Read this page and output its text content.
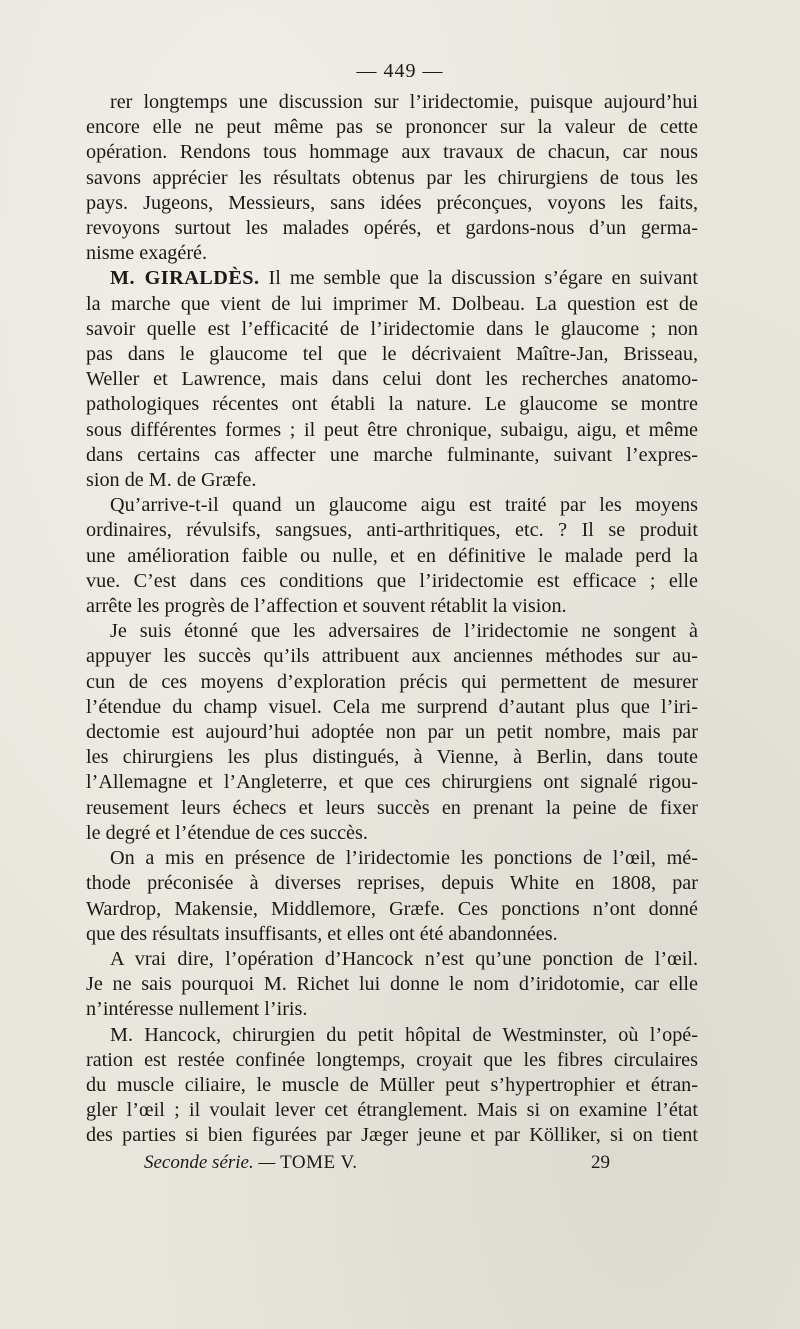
— 449 —

rer longtemps une discussion sur l’iridectomie, puisque aujourd’hui
encore elle ne peut même pas se prononcer sur la valeur de cette
opération. Rendons tous hommage aux travaux de chacun, car nous
savons apprécier les résultats obtenus par les chirurgiens de tous les
pays. Jugeons, Messieurs, sans idées préconçues, voyons les faits,
revoyons surtout les malades opérés, et gardons-nous d’un germa-
nisme exagéré.

M. GIRALDÈS. Il me semble que la discussion s’égare en suivant
la marche que vient de lui imprimer M. Dolbeau. La question est de
savoir quelle est l’efficacité de l’iridectomie dans le glaucome ; non
pas dans le glaucome tel que le décrivaient Maître-Jan, Brisseau,
Weller et Lawrence, mais dans celui dont les recherches anatomo-
pathologiques récentes ont établi la nature. Le glaucome se montre
sous différentes formes ; il peut être chronique, subaigu, aigu, et même
dans certains cas affecter une marche fulminante, suivant l’expres-
sion de M. de Græfe.

Qu’arrive-t-il quand un glaucome aigu est traité par les moyens
ordinaires, révulsifs, sangsues, anti-arthritiques, etc. ? Il se produit
une amélioration faible ou nulle, et en définitive le malade perd la
vue. C’est dans ces conditions que l’iridectomie est efficace ; elle
arrête les progrès de l’affection et souvent rétablit la vision.

Je suis étonné que les adversaires de l’iridectomie ne songent à
appuyer les succès qu’ils attribuent aux anciennes méthodes sur au-
cun de ces moyens d’exploration précis qui permettent de mesurer
l’étendue du champ visuel. Cela me surprend d’autant plus que l’iri-
dectomie est aujourd’hui adoptée non par un petit nombre, mais par
les chirurgiens les plus distingués, à Vienne, à Berlin, dans toute
l’Allemagne et l’Angleterre, et que ces chirurgiens ont signalé rigou-
reusement leurs échecs et leurs succès en prenant la peine de fixer
le degré et l’étendue de ces succès.

On a mis en présence de l’iridectomie les ponctions de l’œil, mé-
thode préconisée à diverses reprises, depuis White en 1808, par
Wardrop, Makensie, Middlemore, Græfe. Ces ponctions n’ont donné
que des résultats insuffisants, et elles ont été abandonnées.

A vrai dire, l’opération d’Hancock n’est qu’une ponction de l’œil.
Je ne sais pourquoi M. Richet lui donne le nom d’iridotomie, car elle
n’intéresse nullement l’iris.

M. Hancock, chirurgien du petit hôpital de Westminster, où l’opé-
ration est restée confinée longtemps, croyait que les fibres circulaires
du muscle ciliaire, le muscle de Müller peut s’hypertrophier et étran-
gler l’œil ; il voulait lever cet étranglement. Mais si on examine l’état
des parties si bien figurées par Jæger jeune et par Kölliker, si on tient

Seconde série. — TOME V.	29
